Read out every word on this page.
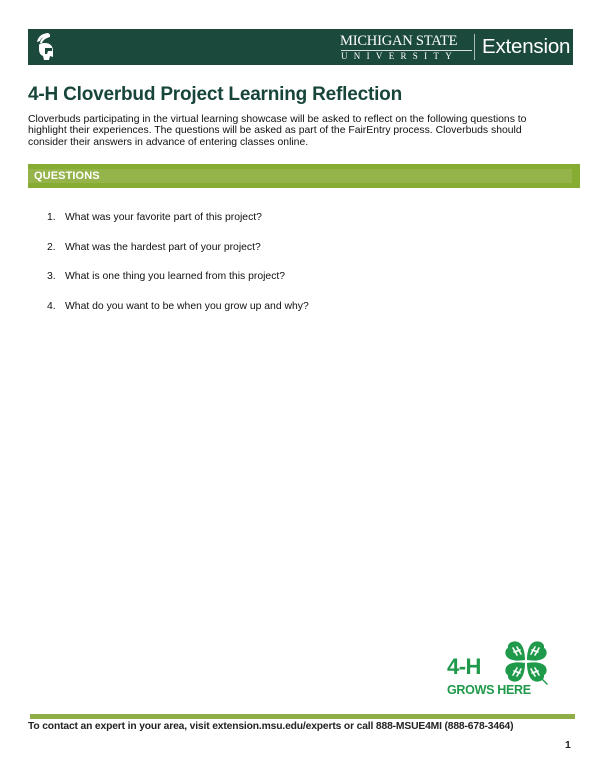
MICHIGAN STATE
UNIVERSITY	Extension
4-H Cloverbud Project Learning Reflection

Cloverbuds participating in the virtual learning showcase will be asked to reflect on the following questions to
highlight their experiences. The questions will be asked as part of the FairEntry process. Cloverbuds should
consider their answers in advance of entering classes online.

QUESTIONS
1. What was your favorite part of this project?
2. What was the hardest part of your project?
3. What is one thing you learned from this project?
4. What do you want to be when you grow up and why?
4-H
GROWS HERE
To contact an expert in your area, visit extension.msu.edu/experts or call 888-MSUE4MI (888-678-3464)
1
